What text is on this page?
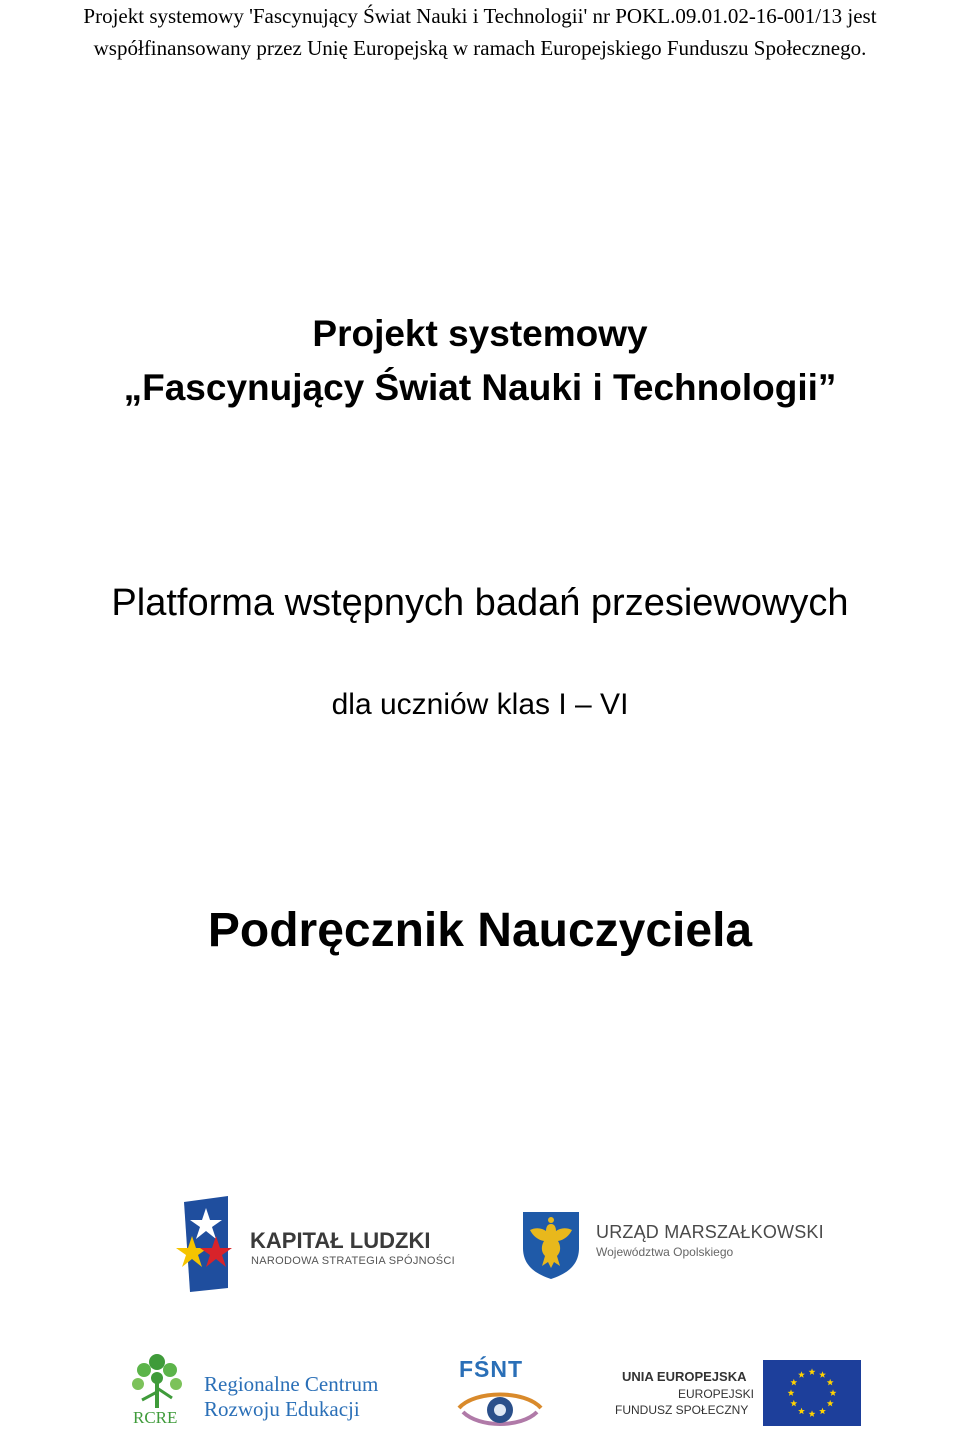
Projekt systemowy 'Fascynujący Świat Nauki i Technologii' nr POKL.09.01.02-16-001/13 jest
współfinansowany przez Unię Europejską w ramach Europejskiego Funduszu Społecznego.
Projekt systemowy
„Fascynujący Świat Nauki i Technologii”
Platforma wstępnych badań przesiewowych
dla uczniów klas I – VI
Podręcznik Nauczyciela
KAPITAŁ LUDZKI
NARODOWA STRATEGIA SPÓJNOŚCI
URZĄD MARSZAŁKOWSKI
Województwa Opolskiego
RCRE
Regionalne Centrum
Rozwoju Edukacji
FŚNT	UNIA EUROPEJSKA
EUROPEJSKI
FUNDUSZ SPOŁECZNY
